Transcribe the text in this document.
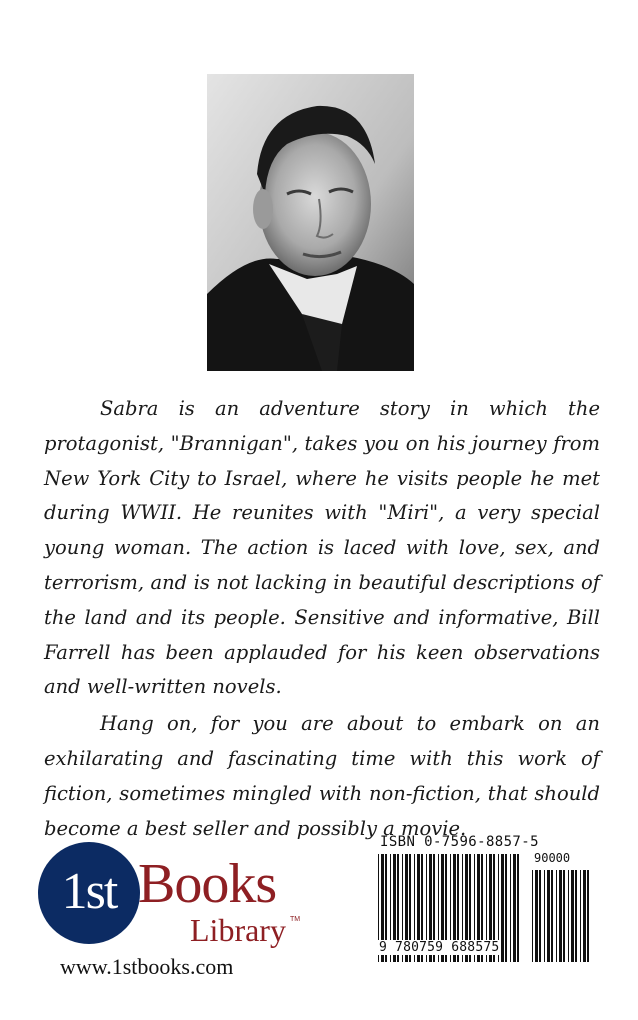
Sabra is an adventure story in which the protagonist, "Brannigan", takes you on his journey from New York City to Israel, where he visits people he met during WWII. He reunites with "Miri", a very special young woman. The action is laced with love, sex, and terrorism, and is not lacking in beautiful descriptions of the land and its people. Sensitive and informative, Bill Farrell has been applauded for his keen observations and well-written novels.

Hang on, for you are about to embark on an exhilarating and fascinating time with this work of fiction, sometimes mingled with non-fiction, that should become a best seller and possibly a movie.

1st Books
Library TM
www.1stbooks.com
ISBN 0-7596-8857-5
90000
9 780759 688575
